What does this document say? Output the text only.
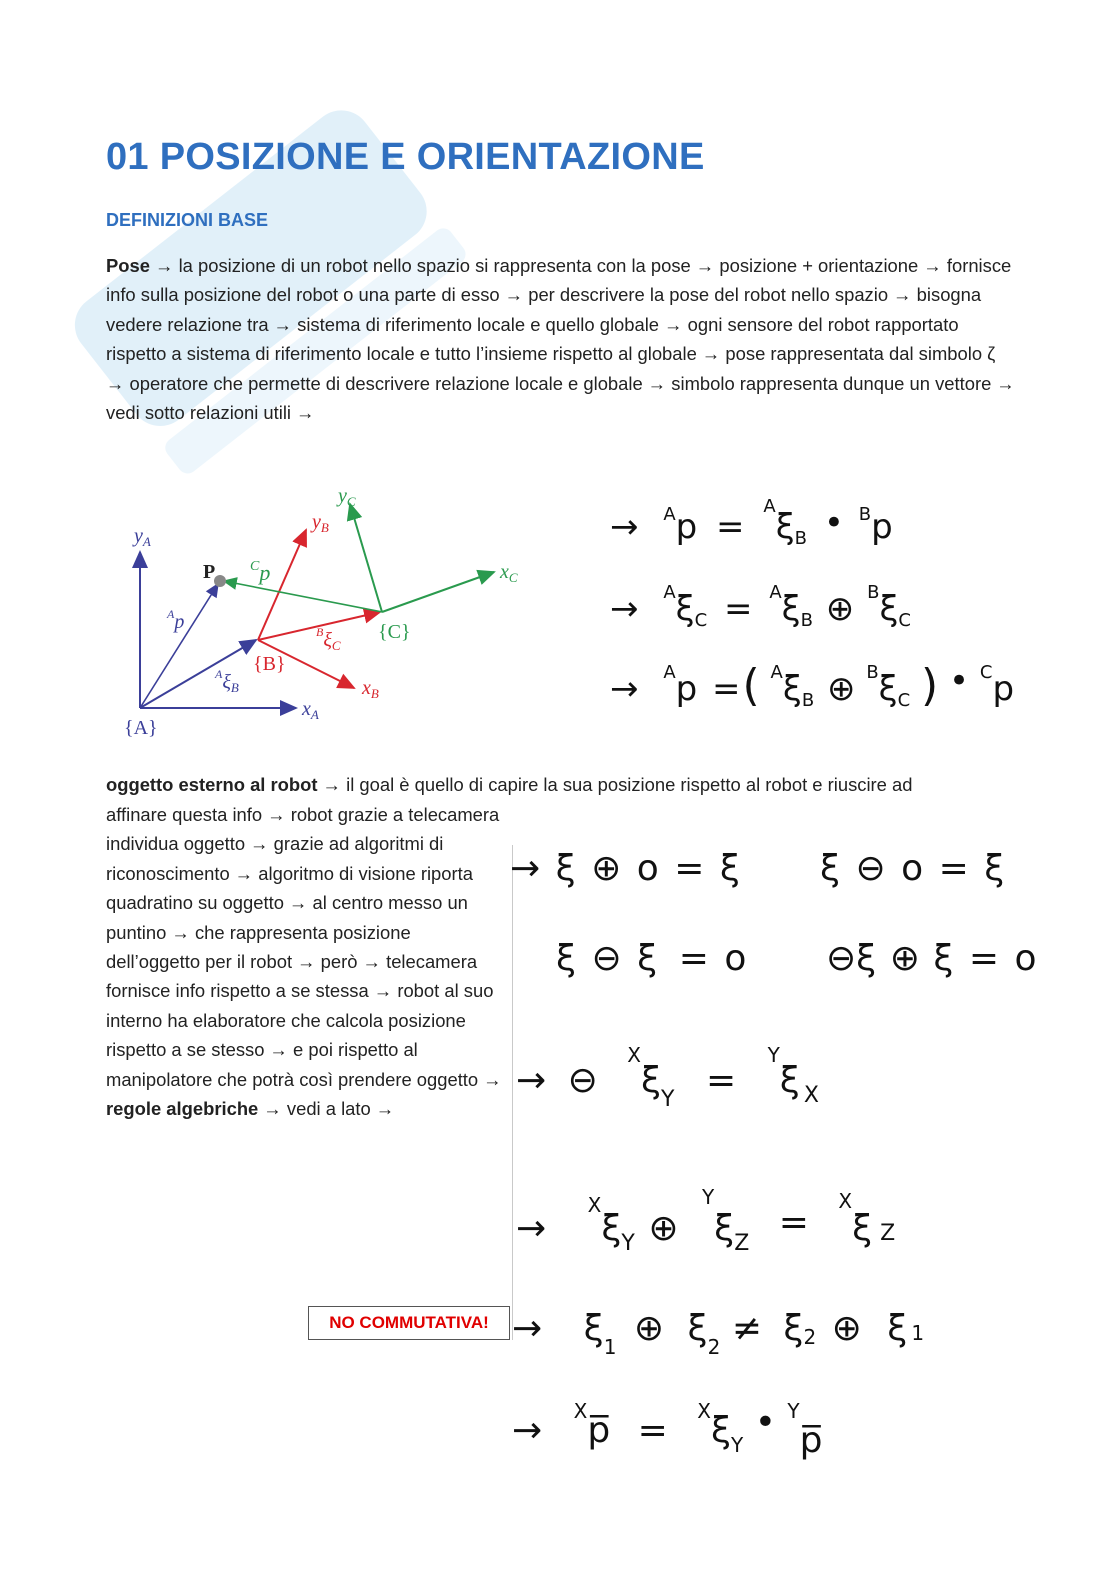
01 POSIZIONE E ORIENTAZIONE
DEFINIZIONI BASE

Pose → la posizione di un robot nello spazio si rappresenta con la pose → posizione + orientazione → fornisce info sulla posizione del robot o una parte di esso → per descrivere la pose del robot nello spazio → bisogna vedere relazione tra → sistema di riferimento locale e quello globale → ogni sensore del robot rapportato rispetto a sistema di riferimento locale e tutto l’insieme rispetto al globale → pose rappresentata dal simbolo ζ → operatore che permette di descrivere relazione locale e globale → simbolo rappresenta dunque un vettore → vedi sotto relazioni utili →

$y_A$
$x_A$
{A}
P
$^A$p
$^C$p
$^A\xi_B$
{B}
$^B\xi_C$
$y_B$
$x_B$
{C}
$y_C$
$x_C$
→ $^A$p = $^A$ξB • $^B$p
→ $^A$ξC = $^A$ξB ⊕ $^B$ξC
→ $^A$p =( $^A$ξB ⊕ $^B$ξC ) • $^C$p

oggetto esterno al robot → il goal è quello di capire la sua posizione rispetto al robot e riuscire ad

affinare questa info → robot grazie a telecamera individua oggetto → grazie ad algoritmi di riconoscimento → algoritmo di visione riporta quadratino su oggetto → al centro messo un puntino → che rappresenta posizione dell’oggetto per il robot → però → telecamera fornisce info rispetto a se stessa → robot al suo interno ha elaboratore che calcola posizione rispetto a se stesso → e poi rispetto al manipolatore che potrà così prendere oggetto → regole algebriche → vedi a lato →

NO COMMUTATIVA!
→ ξ ⊕ o = ξ ξ ⊖ o = ξ
ξ ⊖ ξ = o ⊖ξ ⊕ ξ = o
→ ⊖ $^X\xi_Y = ^Y\xi$ $_X$
→ $^X\xi_Y$ ⊕ $^Y\xi_Z = ^X\xi$ Z
→ $\xi_1$ ⊕ $\xi_2 \ne \xi 2$ ⊕ ξ 1
→ $^X$p̅ = $^X\xi_Y$ • $^Y$p̅
